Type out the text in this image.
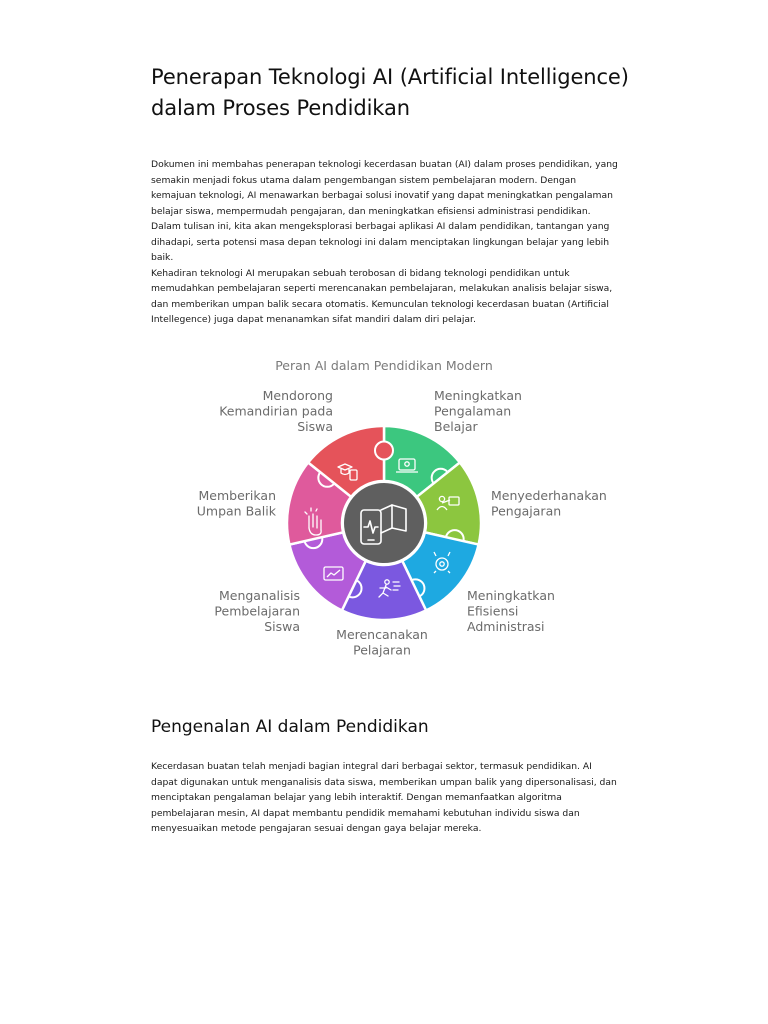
Penerapan Teknologi AI (Artificial Intelligence) dalam Proses Pendidikan
Dokumen ini membahas penerapan teknologi kecerdasan buatan (AI) dalam proses pendidikan, yang semakin menjadi fokus utama dalam pengembangan sistem pembelajaran modern. Dengan kemajuan teknologi, AI menawarkan berbagai solusi inovatif yang dapat meningkatkan pengalaman belajar siswa, mempermudah pengajaran, dan meningkatkan efisiensi administrasi pendidikan. Dalam tulisan ini, kita akan mengeksplorasi berbagai aplikasi AI dalam pendidikan, tantangan yang dihadapi, serta potensi masa depan teknologi ini dalam menciptakan lingkungan belajar yang lebih baik.
Kehadiran teknologi AI merupakan sebuah terobosan di bidang teknologi pendidikan untuk memudahkan pembelajaran seperti merencanakan pembelajaran, melakukan analisis belajar siswa, dan memberikan umpan balik secara otomatis. Kemunculan teknologi kecerdasan buatan (Artificial Intellegence) juga dapat menanamkan sifat mandiri dalam diri pelajar.
Peran AI dalam Pendidikan Modern
Meningkatkan Pengalaman Belajar
Menyederhanakan Pengajaran
Meningkatkan Efisiensi Administrasi
Merencanakan Pelajaran
Menganalisis Pembelajaran Siswa
Memberikan Umpan Balik
Mendorong Kemandirian pada Siswa
Pengenalan AI dalam Pendidikan
Kecerdasan buatan telah menjadi bagian integral dari berbagai sektor, termasuk pendidikan. AI dapat digunakan untuk menganalisis data siswa, memberikan umpan balik yang dipersonalisasi, dan menciptakan pengalaman belajar yang lebih interaktif. Dengan memanfaatkan algoritma pembelajaran mesin, AI dapat membantu pendidik memahami kebutuhan individu siswa dan menyesuaikan metode pengajaran sesuai dengan gaya belajar mereka.
